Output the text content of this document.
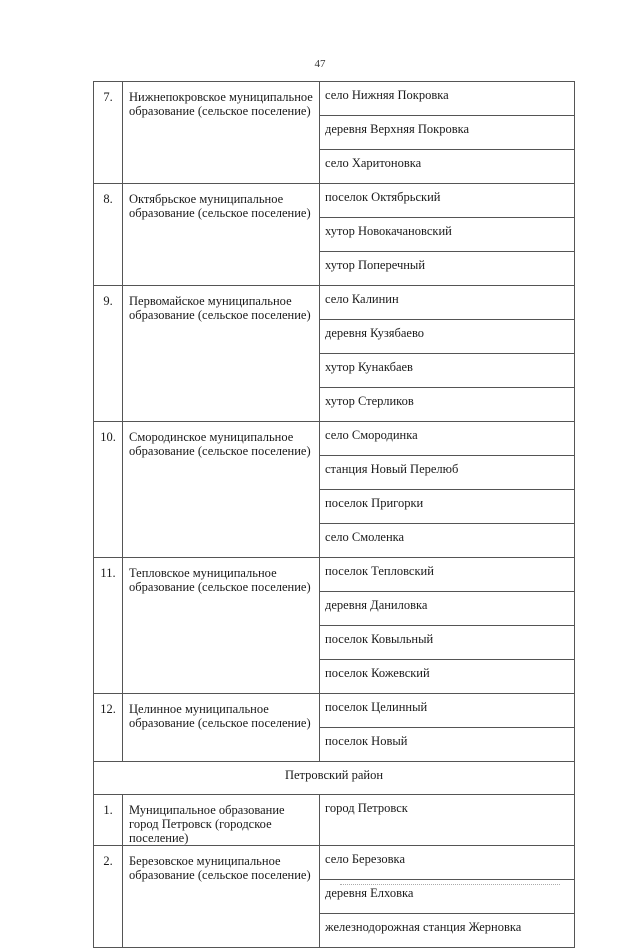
47
7.	Нижнепокровское муниципальное образование (сельское поселение)	село Нижняя Покровка
		деревня Верхняя Покровка
		село Харитоновка
8.	Октябрьское муниципальное образование (сельское поселение)	поселок Октябрьский
		хутор Новокачановский
		хутор Поперечный
9.	Первомайское муниципальное образование (сельское поселение)	село Калинин
		деревня Кузябаево
		хутор Кунакбаев
		хутор Стерликов
10.	Смородинское муниципальное образование (сельское поселение)	село Смородинка
		станция Новый Перелюб
		поселок Пригорки
		село Смоленка
11.	Тепловское муниципальное образование (сельское поселение)	поселок Тепловский
		деревня Даниловка
		поселок Ковыльный
		поселок Кожевский
12.	Целинное муниципальное образование (сельское поселение)	поселок Целинный
		поселок Новый
Петровский район		
1.	Муниципальное образование город Петровск (городское поселение)	город Петровск
2.	Березовское муниципальное образование (сельское поселение)	село Березовка
		деревня Елховка
		железнодорожная станция Жерновка
